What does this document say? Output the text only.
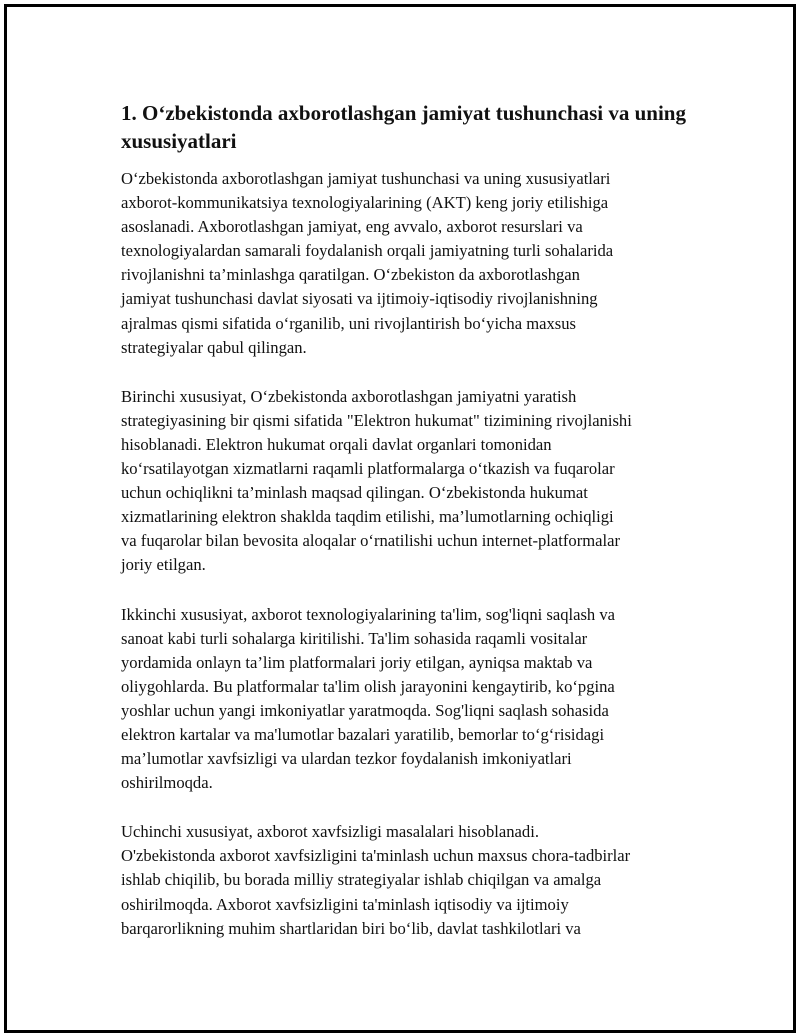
1. O‘zbekistonda axborotlashgan jamiyat tushunchasi va uning
xususiyatlari

O‘zbekistonda axborotlashgan jamiyat tushunchasi va uning xususiyatlari
axborot-kommunikatsiya texnologiyalarining (AKT) keng joriy etilishiga
asoslanadi. Axborotlashgan jamiyat, eng avvalo, axborot resurslari va
texnologiyalardan samarali foydalanish orqali jamiyatning turli sohalarida
rivojlanishni ta’minlashga qaratilgan. O‘zbekiston da axborotlashgan
jamiyat tushunchasi davlat siyosati va ijtimoiy-iqtisodiy rivojlanishning
ajralmas qismi sifatida o‘rganilib, uni rivojlantirish bo‘yicha maxsus
strategiyalar qabul qilingan.

Birinchi xususiyat, O‘zbekistonda axborotlashgan jamiyatni yaratish
strategiyasining bir qismi sifatida "Elektron hukumat" tizimining rivojlanishi
hisoblanadi. Elektron hukumat orqali davlat organlari tomonidan
ko‘rsatilayotgan xizmatlarni raqamli platformalarga o‘tkazish va fuqarolar
uchun ochiqlikni ta’minlash maqsad qilingan. O‘zbekistonda hukumat
xizmatlarining elektron shaklda taqdim etilishi, ma’lumotlarning ochiqligi
va fuqarolar bilan bevosita aloqalar o‘rnatilishi uchun internet-platformalar
joriy etilgan.

Ikkinchi xususiyat, axborot texnologiyalarining ta'lim, sog'liqni saqlash va
sanoat kabi turli sohalarga kiritilishi. Ta'lim sohasida raqamli vositalar
yordamida onlayn ta’lim platformalari joriy etilgan, ayniqsa maktab va
oliygohlarda. Bu platformalar ta'lim olish jarayonini kengaytirib, ko‘pgina
yoshlar uchun yangi imkoniyatlar yaratmoqda. Sog'liqni saqlash sohasida
elektron kartalar va ma'lumotlar bazalari yaratilib, bemorlar to‘g‘risidagi
ma’lumotlar xavfsizligi va ulardan tezkor foydalanish imkoniyatlari
oshirilmoqda.

Uchinchi xususiyat, axborot xavfsizligi masalalari hisoblanadi.
O'zbekistonda axborot xavfsizligini ta'minlash uchun maxsus chora-tadbirlar
ishlab chiqilib, bu borada milliy strategiyalar ishlab chiqilgan va amalga
oshirilmoqda. Axborot xavfsizligini ta'minlash iqtisodiy va ijtimoiy
barqarorlikning muhim shartlaridan biri bo‘lib, davlat tashkilotlari va
